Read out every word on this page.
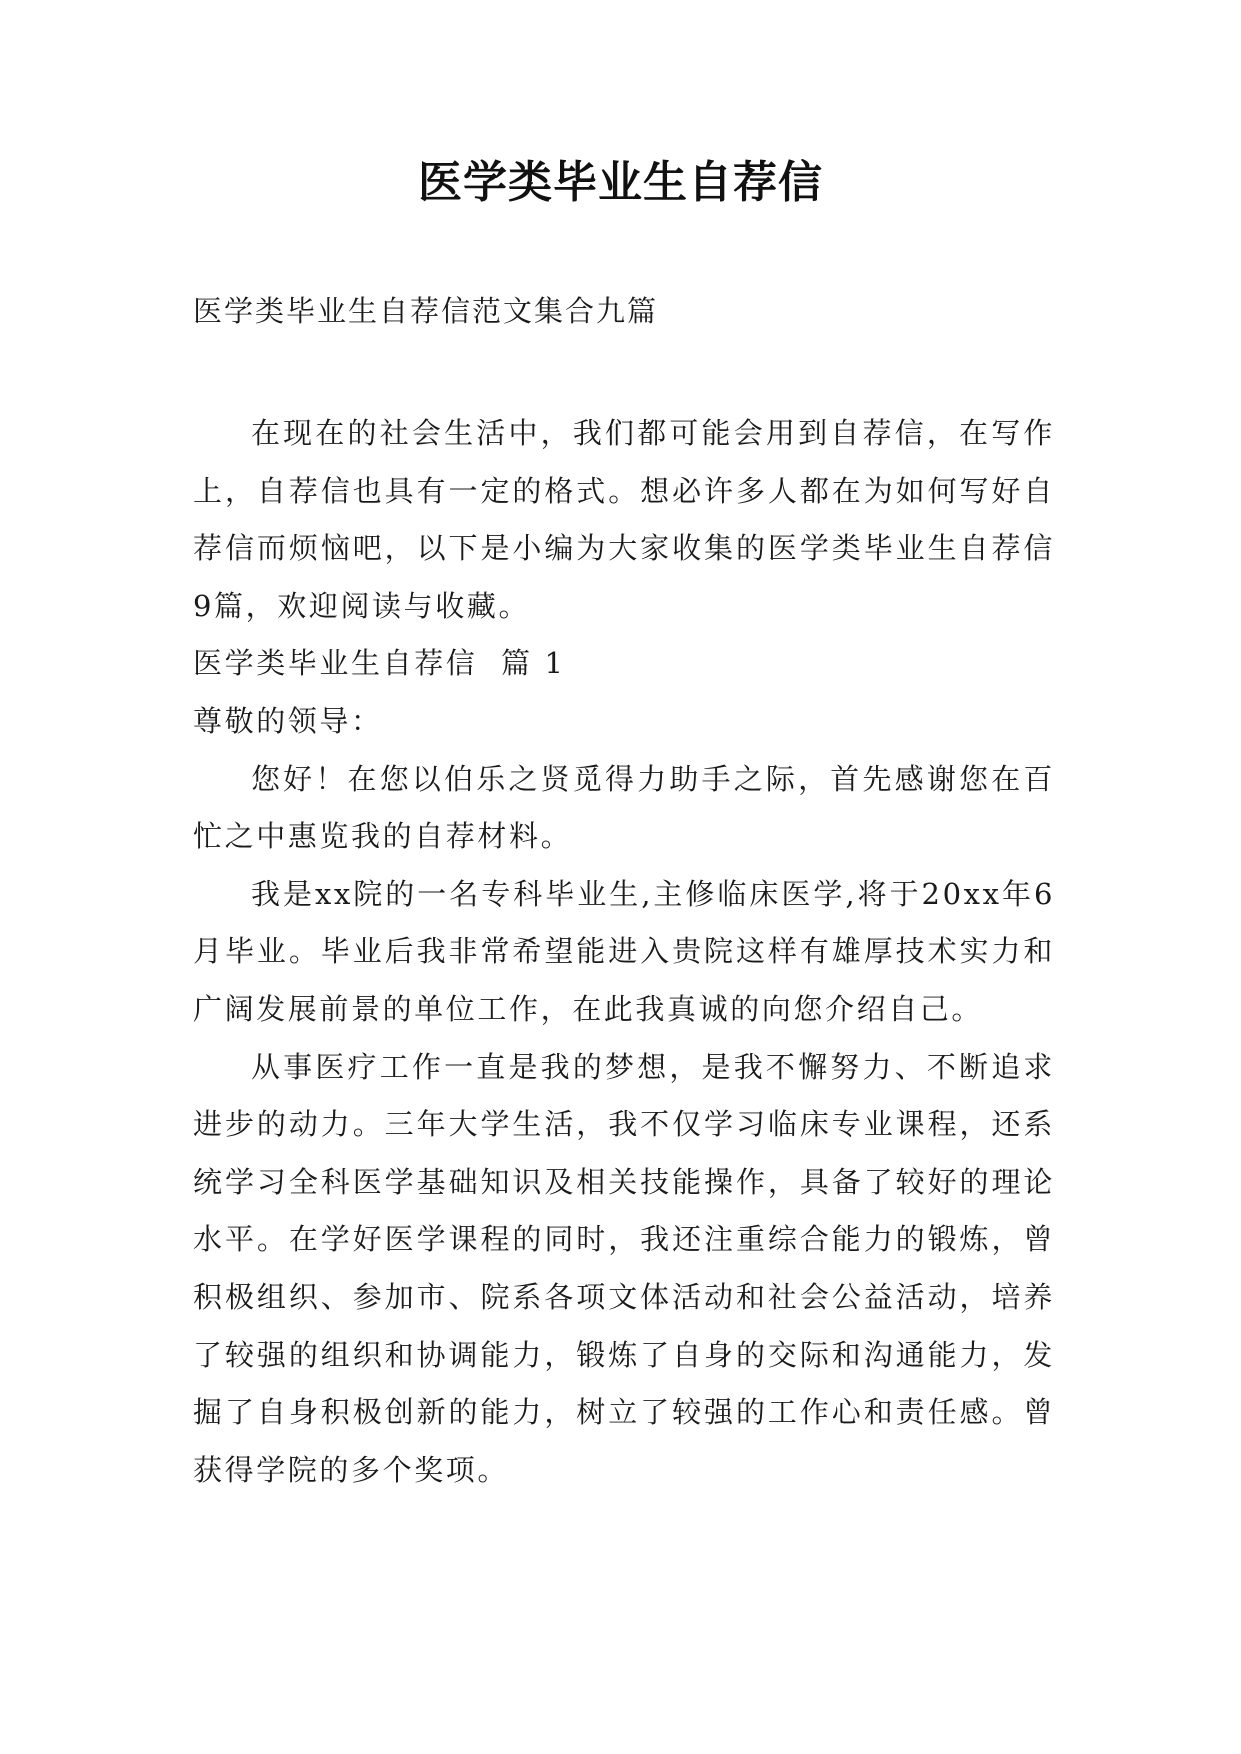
医学类毕业生自荐信
医学类毕业生自荐信范文集合九篇

在现在的社会生活中，我们都可能会用到自荐信，在写作上，自荐信也具有一定的格式。想必许多人都在为如何写好自荐信而烦恼吧，以下是小编为大家收集的医学类毕业生自荐信9篇，欢迎阅读与收藏。

医学类毕业生自荐信  篇 1

尊敬的领导：

您好！在您以伯乐之贤觅得力助手之际，首先感谢您在百忙之中惠览我的自荐材料。

我是xx院的一名专科毕业生,主修临床医学,将于20xx年6月毕业。毕业后我非常希望能进入贵院这样有雄厚技术实力和广阔发展前景的单位工作，在此我真诚的向您介绍自己。

从事医疗工作一直是我的梦想，是我不懈努力、不断追求进步的动力。三年大学生活，我不仅学习临床专业课程，还系统学习全科医学基础知识及相关技能操作，具备了较好的理论水平。在学好医学课程的同时，我还注重综合能力的锻炼，曾积极组织、参加市、院系各项文体活动和社会公益活动，培养了较强的组织和协调能力，锻炼了自身的交际和沟通能力，发掘了自身积极创新的能力，树立了较强的工作心和责任感。曾获得学院的多个奖项。
